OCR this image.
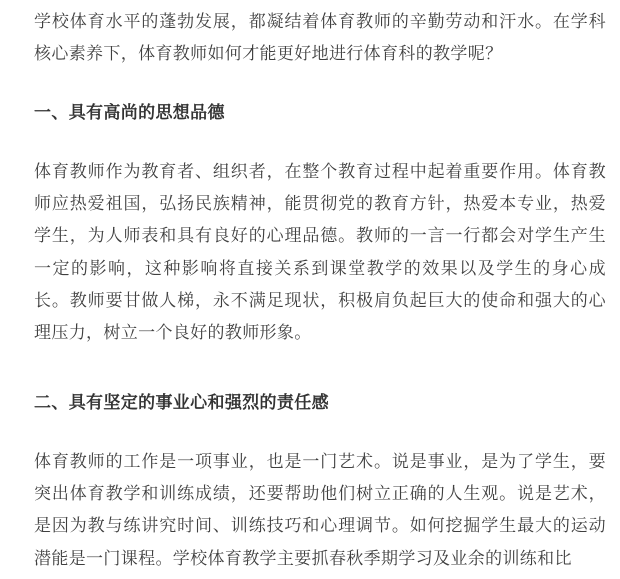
学校体育水平的蓬勃发展，都凝结着体育教师的辛勤劳动和汗水。在学科核心素养下，体育教师如何才能更好地进行体育科的教学呢？

一、具有高尚的思想品德

体育教师作为教育者、组织者，在整个教育过程中起着重要作用。体育教师应热爱祖国，弘扬民族精神，能贯彻党的教育方针，热爱本专业，热爱学生，为人师表和具有良好的心理品德。教师的一言一行都会对学生产生一定的影响，这种影响将直接关系到课堂教学的效果以及学生的身心成长。教师要甘做人梯，永不满足现状，积极肩负起巨大的使命和强大的心理压力，树立一个良好的教师形象。

二、具有坚定的事业心和强烈的责任感

体育教师的工作是一项事业，也是一门艺术。说是事业，是为了学生，要突出体育教学和训练成绩，还要帮助他们树立正确的人生观。说是艺术，是因为教与练讲究时间、训练技巧和心理调节。如何挖掘学生最大的运动潜能是一门课程。学校体育教学主要抓春秋季期学习及业余的训练和比
